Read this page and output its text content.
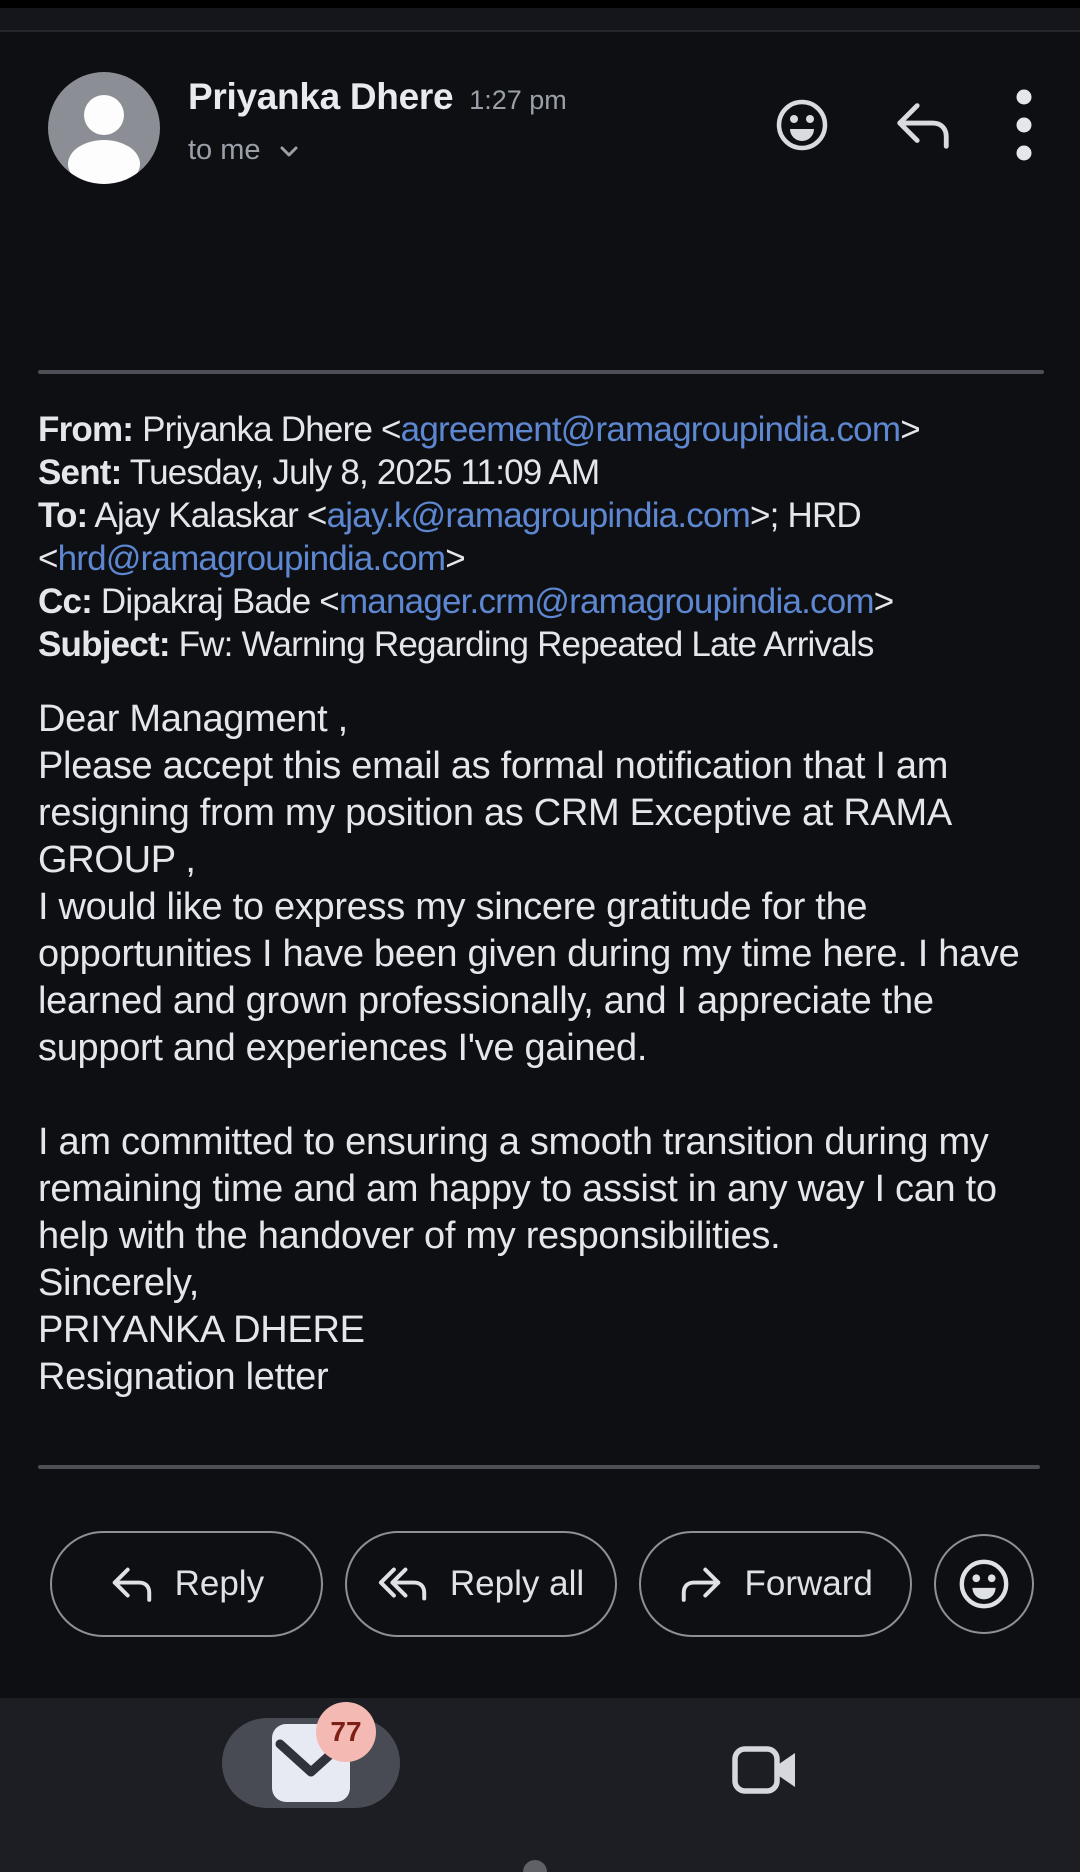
Priyanka Dhere 1:27 pm
to me

From: Priyanka Dhere <agreement@ramagroupindia.com>

Sent: Tuesday, July 8, 2025 11:09 AM

To: Ajay Kalaskar <ajay.k@ramagroupindia.com>; HRD <hrd@ramagroupindia.com>

Cc: Dipakraj Bade <manager.crm@ramagroupindia.com>

Subject: Fw: Warning Regarding Repeated Late Arrivals

Dear Managment ,

Please accept this email as formal notification that I am resigning from my position as CRM Exceptive at RAMA GROUP ,

I would like to express my sincere gratitude for the opportunities I have been given during my time here. I have learned and grown professionally, and I appreciate the support and experiences I've gained.

I am committed to ensuring a smooth transition during my remaining time and am happy to assist in any way I can to help with the handover of my responsibilities.

Sincerely,

PRIYANKA DHERE

Resignation letter

Reply	Reply all	Forward
77
